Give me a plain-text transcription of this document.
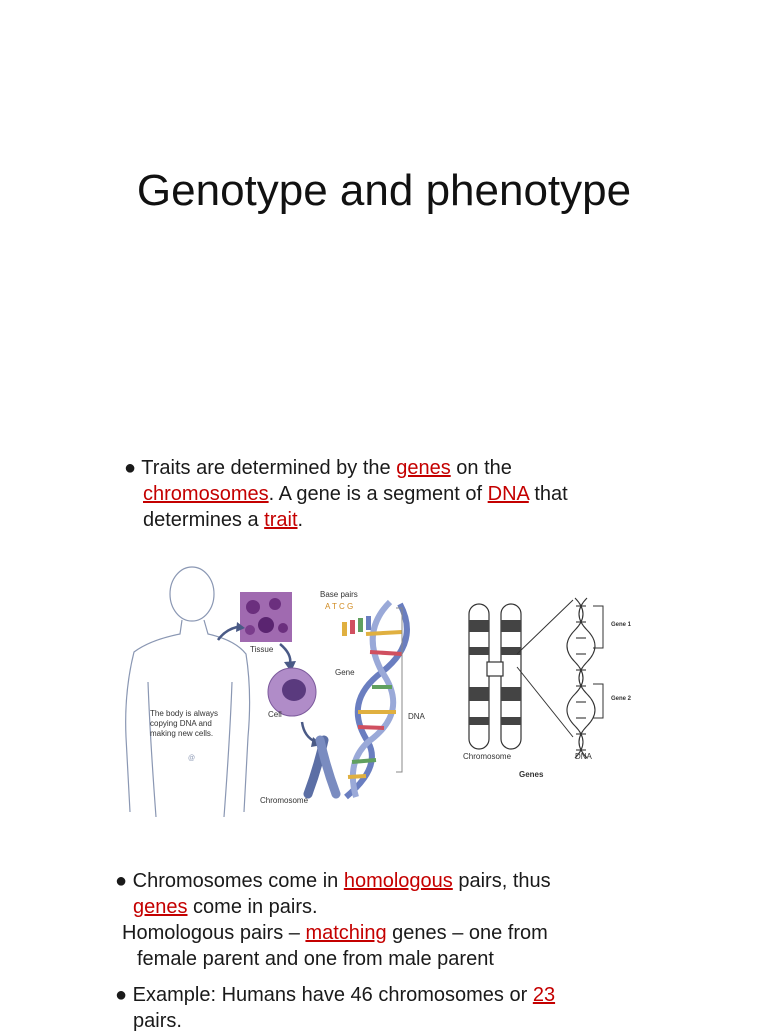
Genotype and phenotype
● Traits are determined by the genes on the
chromosomes. A gene is a segment of DNA that
determines a trait.
@
Base pairs
A T C G
Tissue
Gene
Cell	DNA
Chromosome
The body is always
copying DNA and
making new cells.
Gene 1
Gene 2
Chromosome	DNA
Genes
● Chromosomes come in homologous pairs, thus
genes come in pairs.
Homologous pairs – matching genes – one from
female parent and one from male parent
● Example: Humans have 46 chromosomes or 23
pairs.
